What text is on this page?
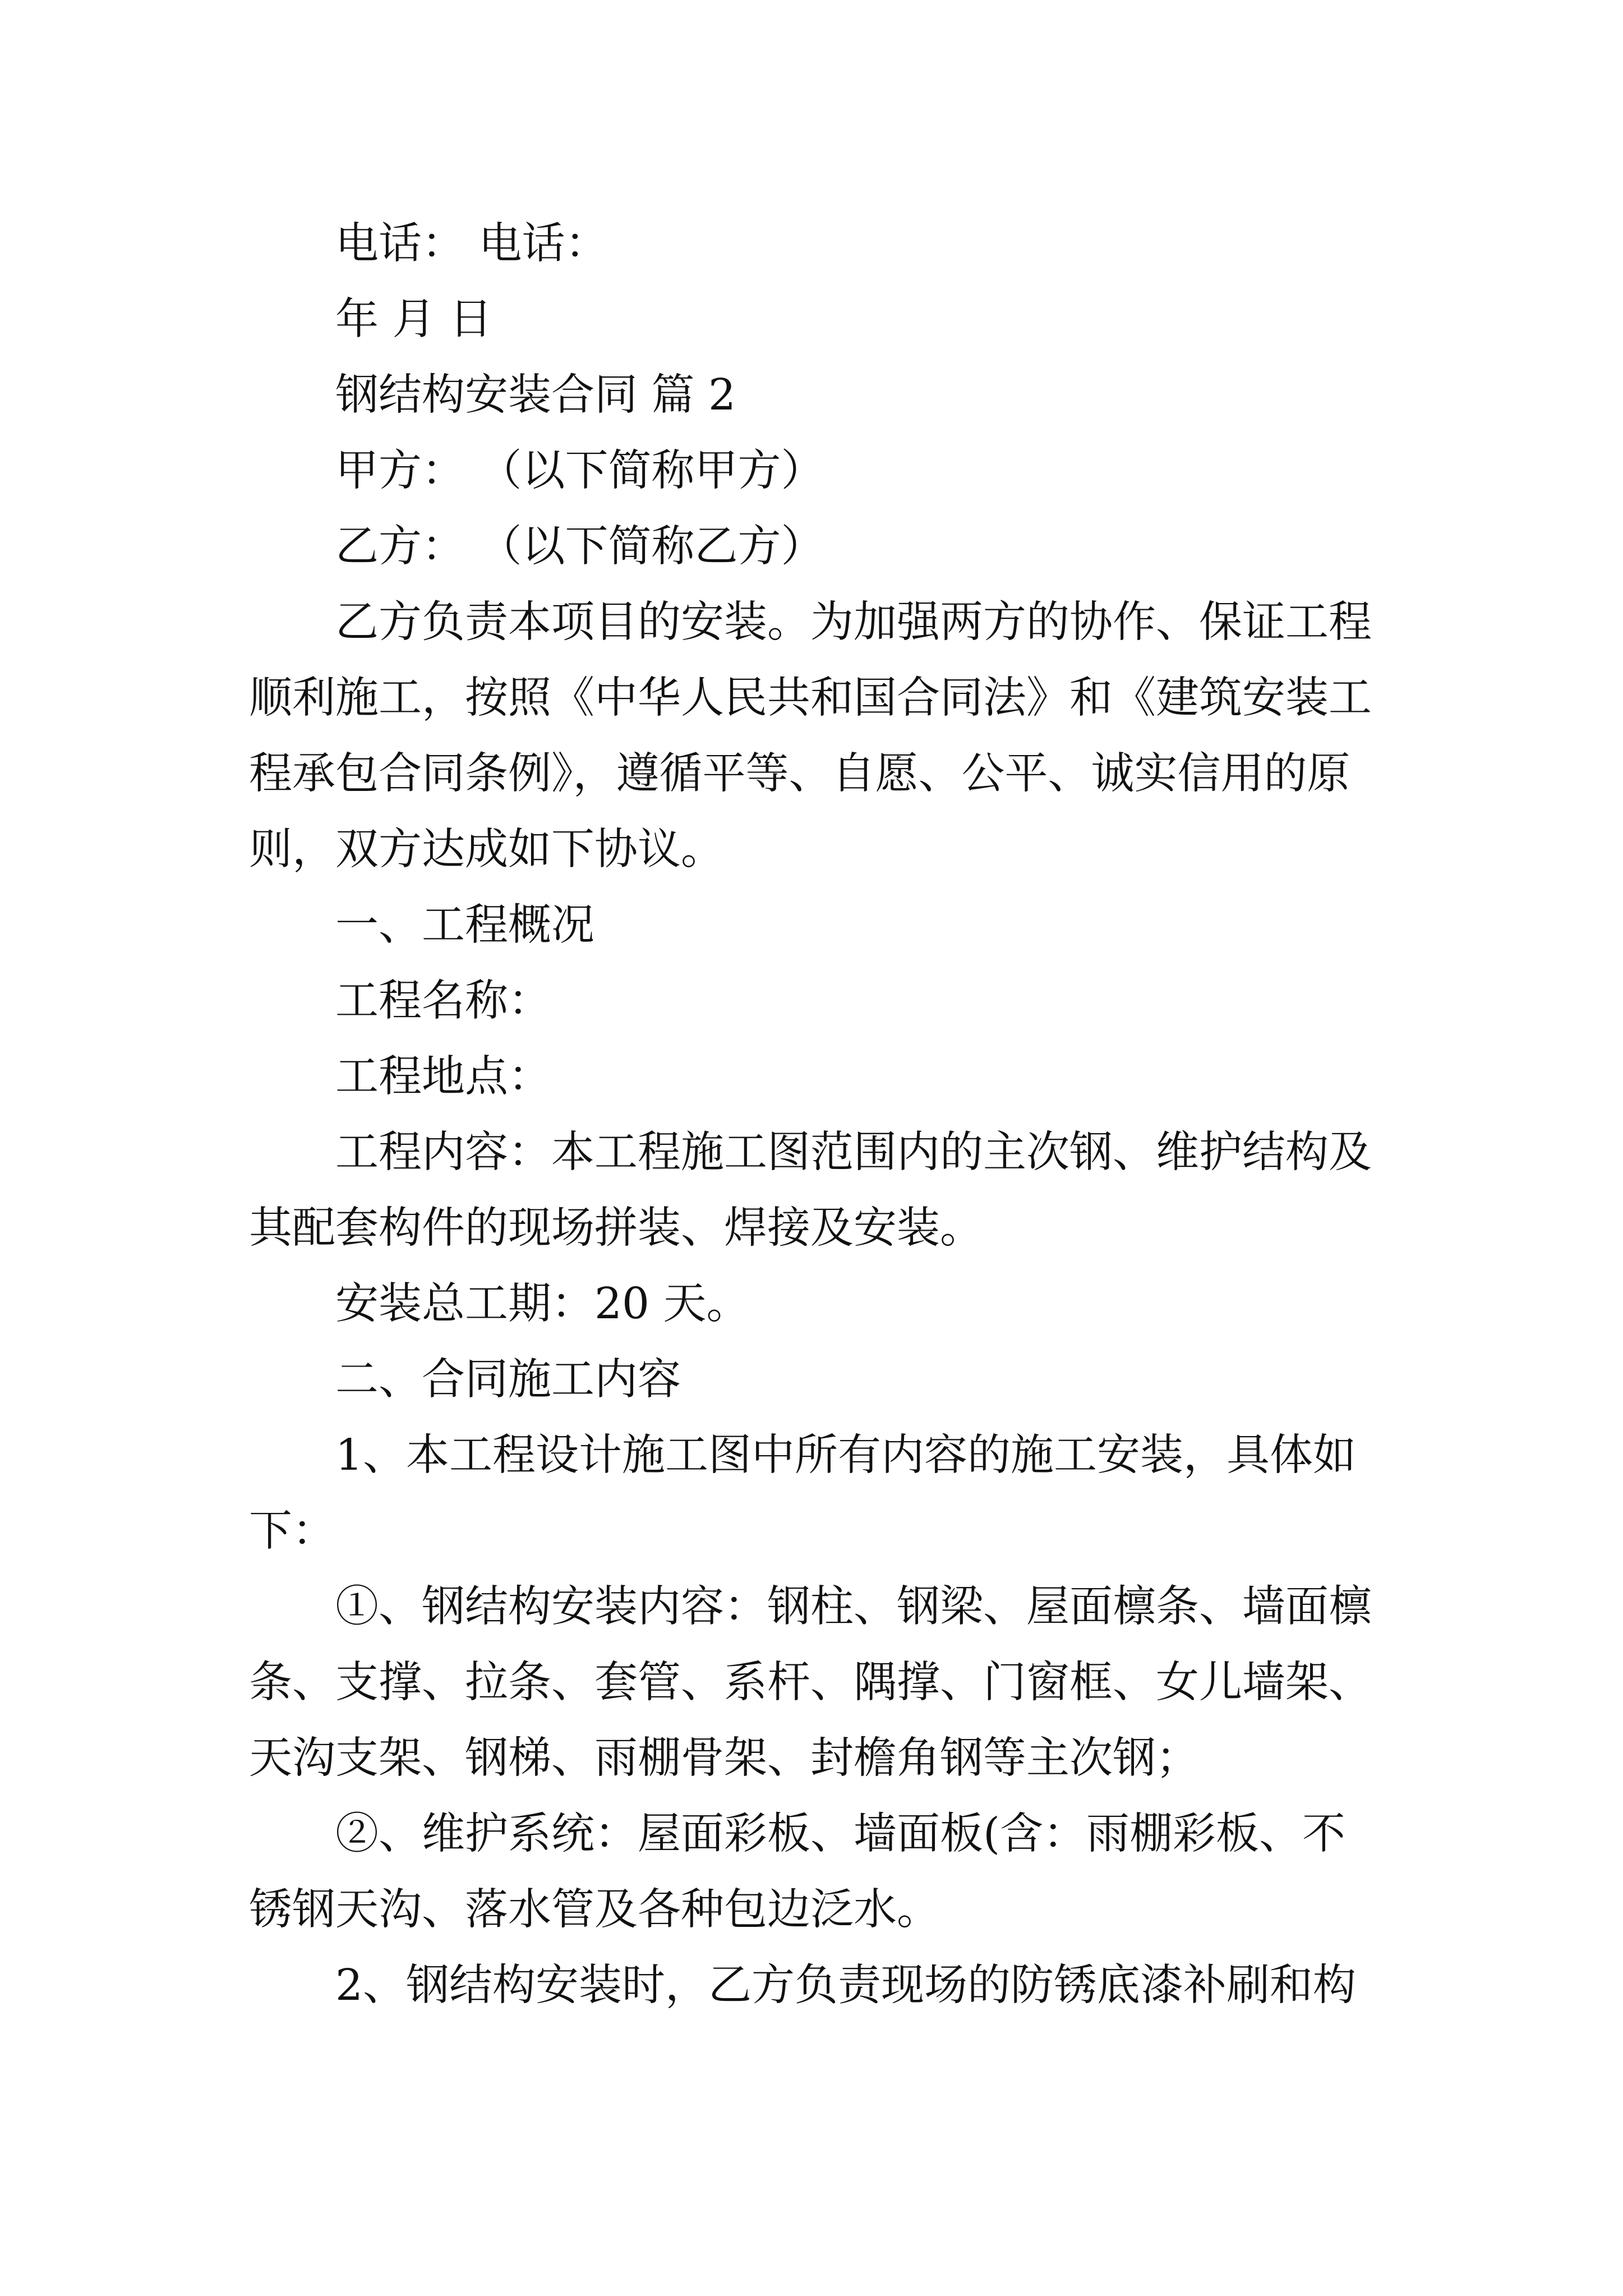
电话： 电话：
年 月 日
钢结构安装合同 篇 2
甲方： （以下简称甲方）
乙方： （以下简称乙方）
乙方负责本项目的安装。为加强两方的协作、保证工程
顺利施工，按照《中华人民共和国合同法》和《建筑安装工
程承包合同条例》，遵循平等、自愿、公平、诚实信用的原
则，双方达成如下协议。
一、工程概况
工程名称：
工程地点：
工程内容：本工程施工图范围内的主次钢、维护结构及
其配套构件的现场拼装、焊接及安装。
安装总工期：20 天。
二、合同施工内容
1、本工程设计施工图中所有内容的施工安装，具体如
下：
①、钢结构安装内容：钢柱、钢梁、屋面檩条、墙面檩
条、支撑、拉条、套管、系杆、隅撑、门窗框、女儿墙架、
天沟支架、钢梯、雨棚骨架、封檐角钢等主次钢；
②、维护系统：屋面彩板、墙面板(含：雨棚彩板、不
锈钢天沟、落水管及各种包边泛水。
2、钢结构安装时，乙方负责现场的防锈底漆补刷和构
